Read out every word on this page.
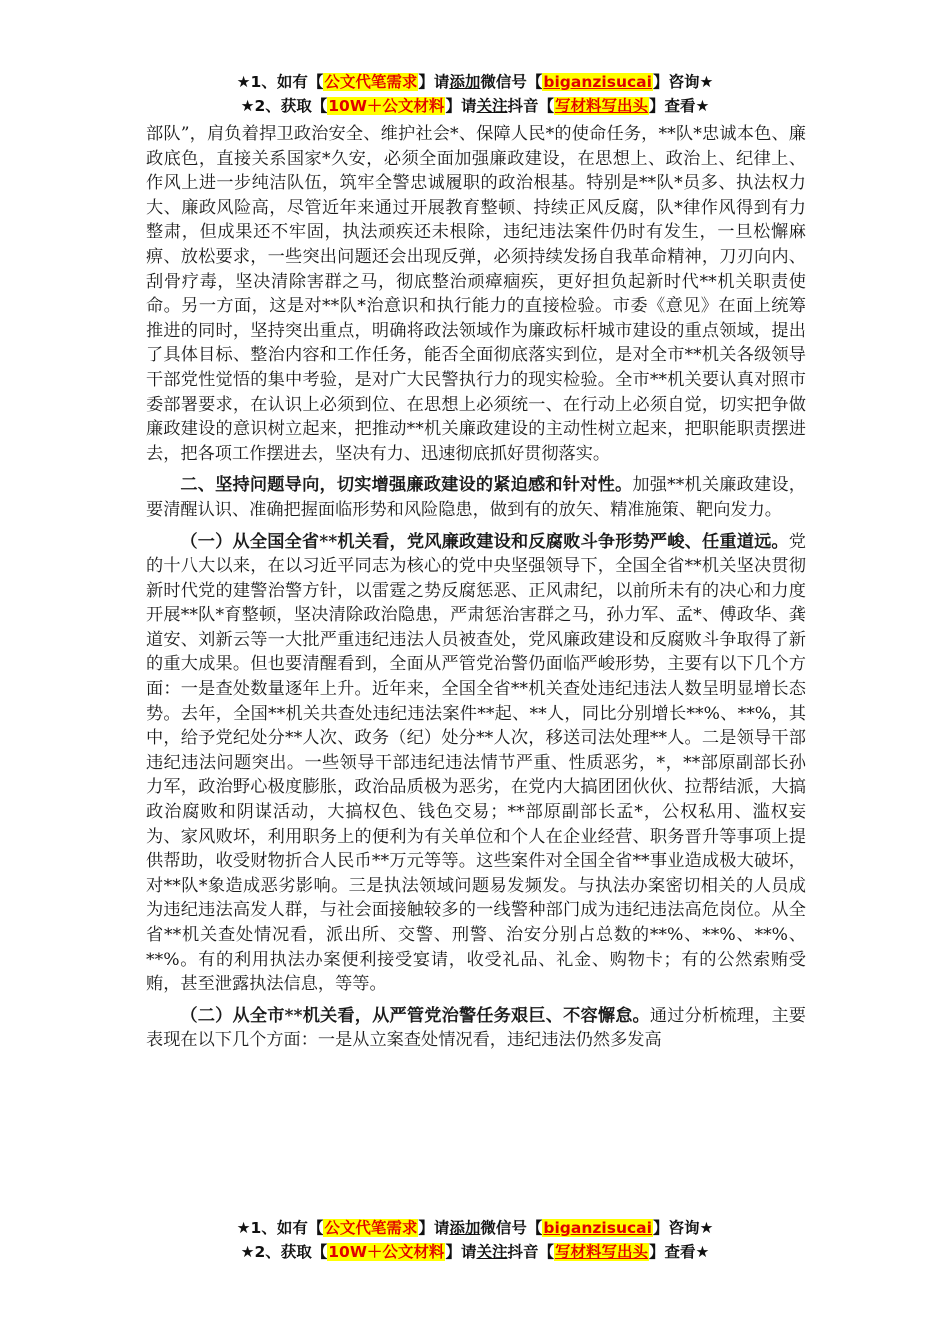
★1、如有【公文代笔需求】请添加微信号【biganzisucai】咨询★
★2、获取【10W＋公文材料】请关注抖音【写材料写出头】查看★

部队”，肩负着捍卫政治安全、维护社会*、保障人民*的使命任务，**队*忠诚本色、廉政底色，直接关系国家*久安，必须全面加强廉政建设，在思想上、政治上、纪律上、作风上进一步纯洁队伍，筑牢全警忠诚履职的政治根基。特别是**队*员多、执法权力大、廉政风险高，尽管近年来通过开展教育整顿、持续正风反腐，队*律作风得到有力整肃，但成果还不牢固，执法顽疾还未根除，违纪违法案件仍时有发生，一旦松懈麻痹、放松要求，一些突出问题还会出现反弹，必须持续发扬自我革命精神，刀刃向内、刮骨疗毒，坚决清除害群之马，彻底整治顽瘴痼疾，更好担负起新时代**机关职责使命。另一方面，这是对**队*治意识和执行能力的直接检验。市委《意见》在面上统筹推进的同时，坚持突出重点，明确将政法领域作为廉政标杆城市建设的重点领域，提出了具体目标、整治内容和工作任务，能否全面彻底落实到位，是对全市**机关各级领导干部党性觉悟的集中考验，是对广大民警执行力的现实检验。全市**机关要认真对照市委部署要求，在认识上必须到位、在思想上必须统一、在行动上必须自觉，切实把争做廉政建设的意识树立起来，把推动**机关廉政建设的主动性树立起来，把职能职责摆进去，把各项工作摆进去，坚决有力、迅速彻底抓好贯彻落实。

二、坚持问题导向，切实增强廉政建设的紧迫感和针对性。加强**机关廉政建设，要清醒认识、准确把握面临形势和风险隐患，做到有的放矢、精准施策、靶向发力。

（一）从全国全省**机关看，党风廉政建设和反腐败斗争形势严峻、任重道远。党的十八大以来，在以习近平同志为核心的党中央坚强领导下，全国全省**机关坚决贯彻新时代党的建警治警方针，以雷霆之势反腐惩恶、正风肃纪，以前所未有的决心和力度开展**队*育整顿，坚决清除政治隐患，严肃惩治害群之马，孙力军、孟*、傅政华、龚道安、刘新云等一大批严重违纪违法人员被查处，党风廉政建设和反腐败斗争取得了新的重大成果。但也要清醒看到，全面从严管党治警仍面临严峻形势，主要有以下几个方面：一是查处数量逐年上升。近年来，全国全省**机关查处违纪违法人数呈明显增长态势。去年，全国**机关共查处违纪违法案件**起、**人，同比分别增长**%、**%，其中，给予党纪处分**人次、政务（纪）处分**人次，移送司法处理**人。二是领导干部违纪违法问题突出。一些领导干部违纪违法情节严重、性质恶劣，*，**部原副部长孙力军，政治野心极度膨胀，政治品质极为恶劣，在党内大搞团团伙伙、拉帮结派，大搞政治腐败和阴谋活动，大搞权色、钱色交易；**部原副部长孟*，公权私用、滥权妄为、家风败坏，利用职务上的便利为有关单位和个人在企业经营、职务晋升等事项上提供帮助，收受财物折合人民币**万元等等。这些案件对全国全省**事业造成极大破坏，对**队*象造成恶劣影响。三是执法领域问题易发频发。与执法办案密切相关的人员成为违纪违法高发人群，与社会面接触较多的一线警种部门成为违纪违法高危岗位。从全省**机关查处情况看，派出所、交警、刑警、治安分别占总数的**%、**%、**%、**%。有的利用执法办案便利接受宴请，收受礼品、礼金、购物卡；有的公然索贿受贿，甚至泄露执法信息，等等。

（二）从全市**机关看，从严管党治警任务艰巨、不容懈怠。通过分析梳理，主要表现在以下几个方面：一是从立案查处情况看，违纪违法仍然多发高

★1、如有【公文代笔需求】请添加微信号【biganzisucai】咨询★
★2、获取【10W＋公文材料】请关注抖音【写材料写出头】查看★
